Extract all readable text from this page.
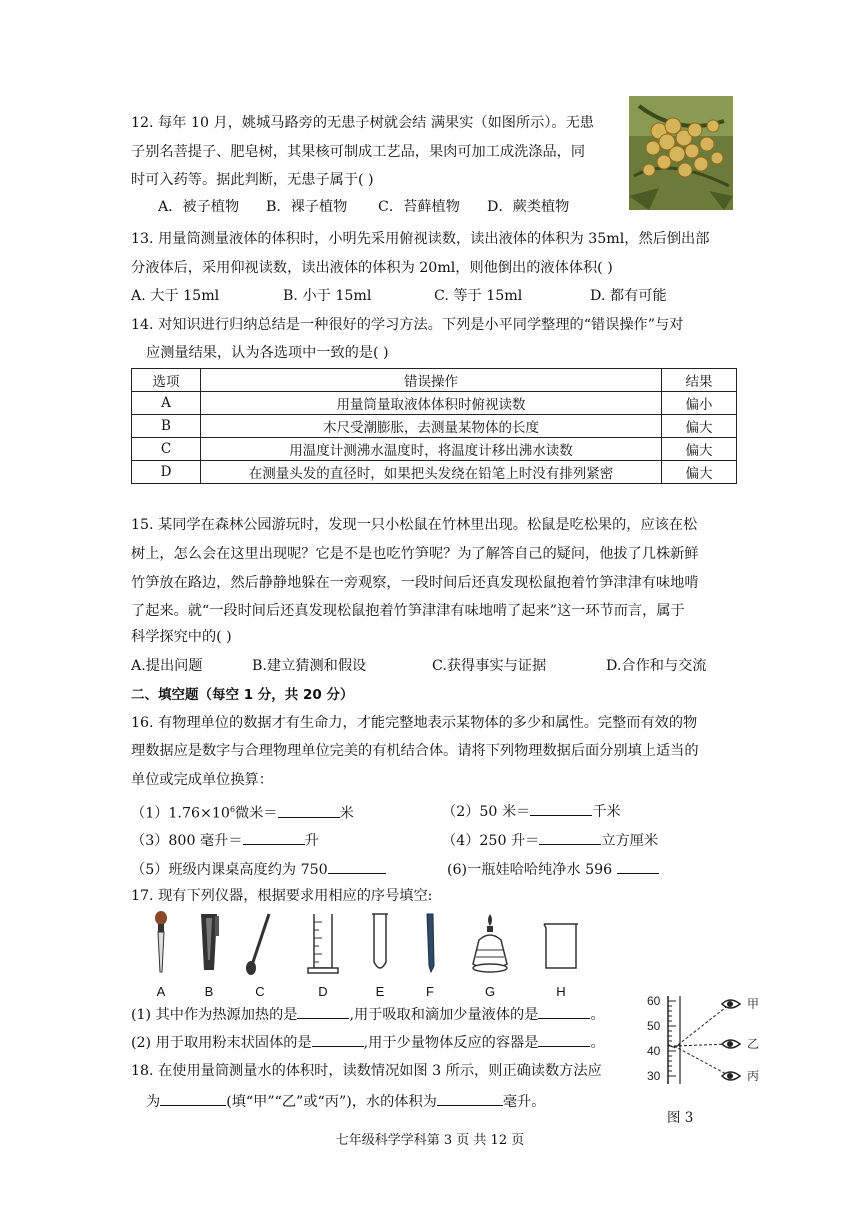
12. 每年 10 月，姚城马路旁的无患子树就会结 满果实（如图所示）。无患
子别名菩提子、肥皂树，其果核可制成工艺品，果肉可加工成洗涤品，同
时可入药等。据此判断，无患子属于( )
A．被子植物 B．裸子植物 C．苔藓植物 D．蕨类植物
13. 用量筒测量液体的体积时，小明先采用俯视读数，读出液体的体积为 35ml，然后倒出部
分液体后，采用仰视读数，读出液体的体积为 20ml，则他倒出的液体体积( )
A. 大于 15ml	B. 小于 15ml	C. 等于 15ml	D. 都有可能
14. 对知识进行归纳总结是一种很好的学习方法。下列是小平同学整理的“错误操作”与对
应测量结果，认为各选项中一致的是( )
选项	错误操作	结果
A	用量筒量取液体体积时俯视读数	偏小
B	木尺受潮膨胀，去测量某物体的长度	偏大
C	用温度计测沸水温度时，将温度计移出沸水读数	偏大
D	在测量头发的直径时，如果把头发绕在铅笔上时没有排列紧密	偏大
15. 某同学在森林公园游玩时，发现一只小松鼠在竹林里出现。松鼠是吃松果的，应该在松
树上，怎么会在这里出现呢？它是不是也吃竹笋呢？为了解答自己的疑问，他拔了几株新鲜
竹笋放在路边，然后静静地躲在一旁观察，一段时间后还真发现松鼠抱着竹笋津津有味地啃
了起来。就“一段时间后还真发现松鼠抱着竹笋津津有味地啃了起来”这一环节而言，属于
科学探究中的( )
A.提出问题	B.建立猜测和假设	C.获得事实与证据	D.合作和与交流
二、填空题（每空 1 分，共 20 分）
16. 有物理单位的数据才有生命力，才能完整地表示某物体的多少和属性。完整而有效的物
理数据应是数字与合理物理单位完美的有机结合体。请将下列物理数据后面分别填上适当的
单位或完成单位换算：
$(1)1.76\times 10^6$微米＝	米	（2）50 米＝	千米
（3）800 毫升＝	升	（4）250 升＝	立方厘米
（5）班级内课桌高度约为 750	(6)一瓶娃哈哈纯净水 596
17. 现有下列仪器，根据要求用相应的序号填空:
A	B	C	D	E	F	G	H
(1) 其中作为热源加热的是	,用于吸取和滴加少量液体的是	。
(2) 用于取用粉末状固体的是	,用于少量物体反应的容器是	。
18. 在使用量筒测量水的体积时，读数情况如图 3 所示，则正确读数方法应
为	(填“甲”“乙”或“丙”)，水的体积为	毫升。
60
50
40
30
甲
乙
丙
图 3
七年级科学学科第 3 页 共 12 页
